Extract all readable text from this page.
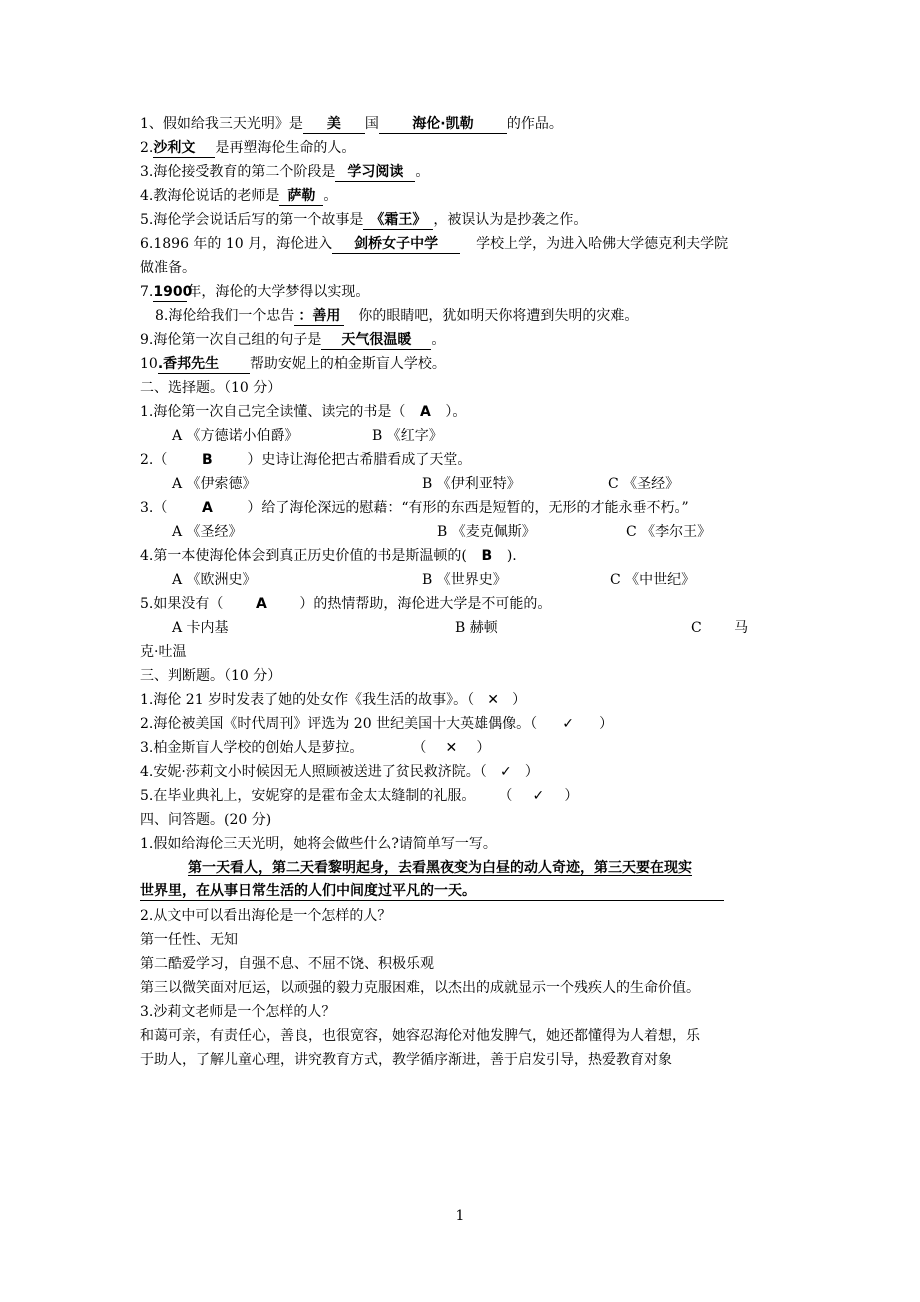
1、假如给我三天光明》是 美 国 海伦·凯勒 的作品。
2.沙利文 是再塑海伦生命的人。
3.海伦接受教育的第二个阶段是 学习阅读 。
4.教海伦说话的老师是 萨勒 。
5.海伦学会说话后写的第一个故事是 《霜王》 ，被误认为是抄袭之作。
6.1896 年的 10 月，海伦进入 剑桥女子中学	学校上学，为进入哈佛大学德克利夫学院
做准备。
7.1900年，海伦的大学梦得以实现。
8.海伦给我们一个忠告 ：善用 你的眼睛吧，犹如明天你将遭到失明的灾难。
9.海伦第一次自己组的句子是 天气很温暖 。
10.香邦先生 帮助安妮上的柏金斯盲人学校。
二、选择题。（10 分）
1.海伦第一次自己完全读懂、读完的书是（ A ）。
A 《方德诺小伯爵》	B 《红字》
2.（ B ）史诗让海伦把古希腊看成了天堂。
A 《伊索德》	B 《伊利亚特》	C 《圣经》
3.（ A ）给了海伦深远的慰藉：“有形的东西是短暂的，无形的才能永垂不朽。”
A 《圣经》	B 《麦克佩斯》	C 《李尔王》
4.第一本使海伦体会到真正历史价值的书是斯温顿的( B ).
A 《欧洲史》	B 《世界史》	C 《中世纪》
5.如果没有（ A ）的热情帮助，海伦进大学是不可能的。
A 卡内基	B 赫顿	C 马
克·吐温
三、判断题。（10 分）
1.海伦 21 岁时发表了她的处女作《我生活的故事》。（ ✕ ）
2.海伦被美国《时代周刊》评选为 20 世纪美国十大英雄偶像。（ ✓ ）
3.柏金斯盲人学校的创始人是萝拉。	（ ✕ ）
4.安妮·莎莉文小时候因无人照顾被送进了贫民救济院。（ ✓ ）
5.在毕业典礼上，安妮穿的是霍布金太太缝制的礼服。 （ ✓ ）
四、问答题。(20 分)
1.假如给海伦三天光明，她将会做些什么?请简单写一写。
第一天看人，第二天看黎明起身，去看黑夜变为白昼的动人奇迹，第三天要在现实
世界里，在从事日常生活的人们中间度过平凡的一天。
2.从文中可以看出海伦是一个怎样的人？
第一任性、无知
第二酷爱学习，自强不息、不屈不饶、积极乐观
第三以微笑面对厄运，以顽强的毅力克服困难，以杰出的成就显示一个残疾人的生命价值。
3.沙莉文老师是一个怎样的人？
和蔼可亲，有责任心，善良，也很宽容，她容忍海伦对他发脾气，她还都懂得为人着想，乐
于助人，了解儿童心理，讲究教育方式，教学循序渐进，善于启发引导，热爱教育对象
1
